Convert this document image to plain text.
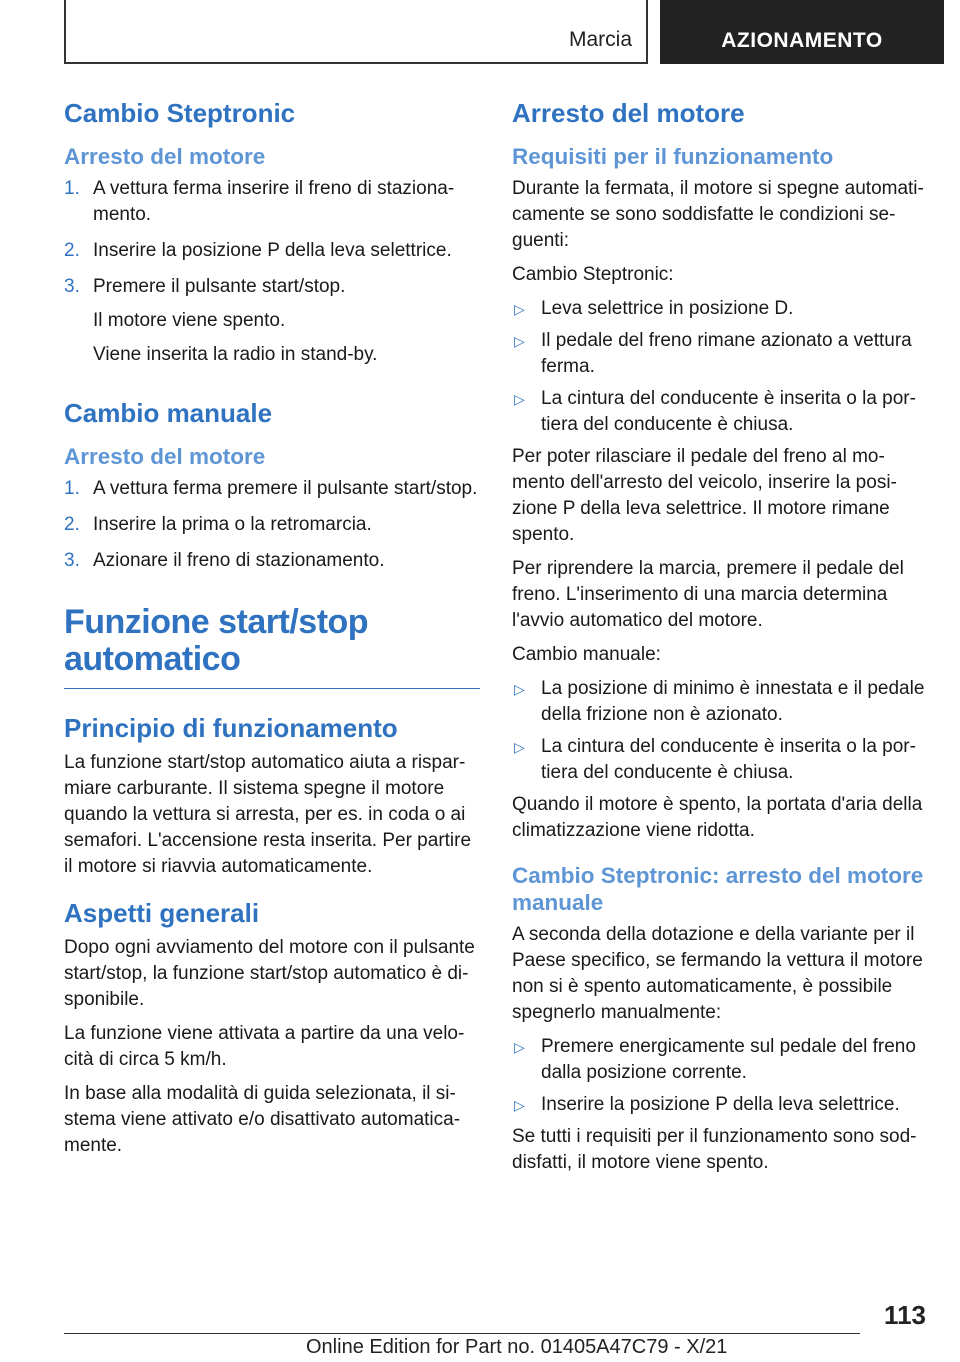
Marcia	AZIONAMENTO
Cambio Steptronic
Arresto del motore
1. A vettura ferma inserire il freno di stazionamento.
2. Inserire la posizione P della leva selettrice.
3. Premere il pulsante start/stop.
Il motore viene spento.
Viene inserita la radio in stand-by.
Cambio manuale
Arresto del motore
1. A vettura ferma premere il pulsante start/stop.
2. Inserire la prima o la retromarcia.
3. Azionare il freno di stazionamento.
Funzione start/stop automatico
Principio di funzionamento

La funzione start/stop automatico aiuta a risparmiare carburante. Il sistema spegne il motore quando la vettura si arresta, per es. in coda o ai semafori. L'accensione resta inserita. Per partire il motore si riavvia automaticamente.

Aspetti generali

Dopo ogni avviamento del motore con il pulsante start/stop, la funzione start/stop automatico è disponibile.

La funzione viene attivata a partire da una velocità di circa 5 km/h.

In base alla modalità di guida selezionata, il sistema viene attivato e/o disattivato automaticamente.

Arresto del motore
Requisiti per il funzionamento

Durante la fermata, il motore si spegne automaticamente se sono soddisfatte le condizioni seguenti:

Cambio Steptronic:

▷ Leva selettrice in posizione D.
▷ Il pedale del freno rimane azionato a vettura ferma.
▷ La cintura del conducente è inserita o la portiera del conducente è chiusa.

Per poter rilasciare il pedale del freno al momento dell'arresto del veicolo, inserire la posizione P della leva selettrice. Il motore rimane spento.

Per riprendere la marcia, premere il pedale del freno. L'inserimento di una marcia determina l'avvio automatico del motore.

Cambio manuale:

▷ La posizione di minimo è innestata e il pedale della frizione non è azionato.
▷ La cintura del conducente è inserita o la portiera del conducente è chiusa.

Quando il motore è spento, la portata d'aria della climatizzazione viene ridotta.

Cambio Steptronic: arresto del motore manuale

A seconda della dotazione e della variante per il Paese specifico, se fermando la vettura il motore non si è spento automaticamente, è possibile spegnerlo manualmente:

▷ Premere energicamente sul pedale del freno dalla posizione corrente.
▷ Inserire la posizione P della leva selettrice.

Se tutti i requisiti per il funzionamento sono soddisfatti, il motore viene spento.

113
Online Edition for Part no. 01405A47C79 - X/21
